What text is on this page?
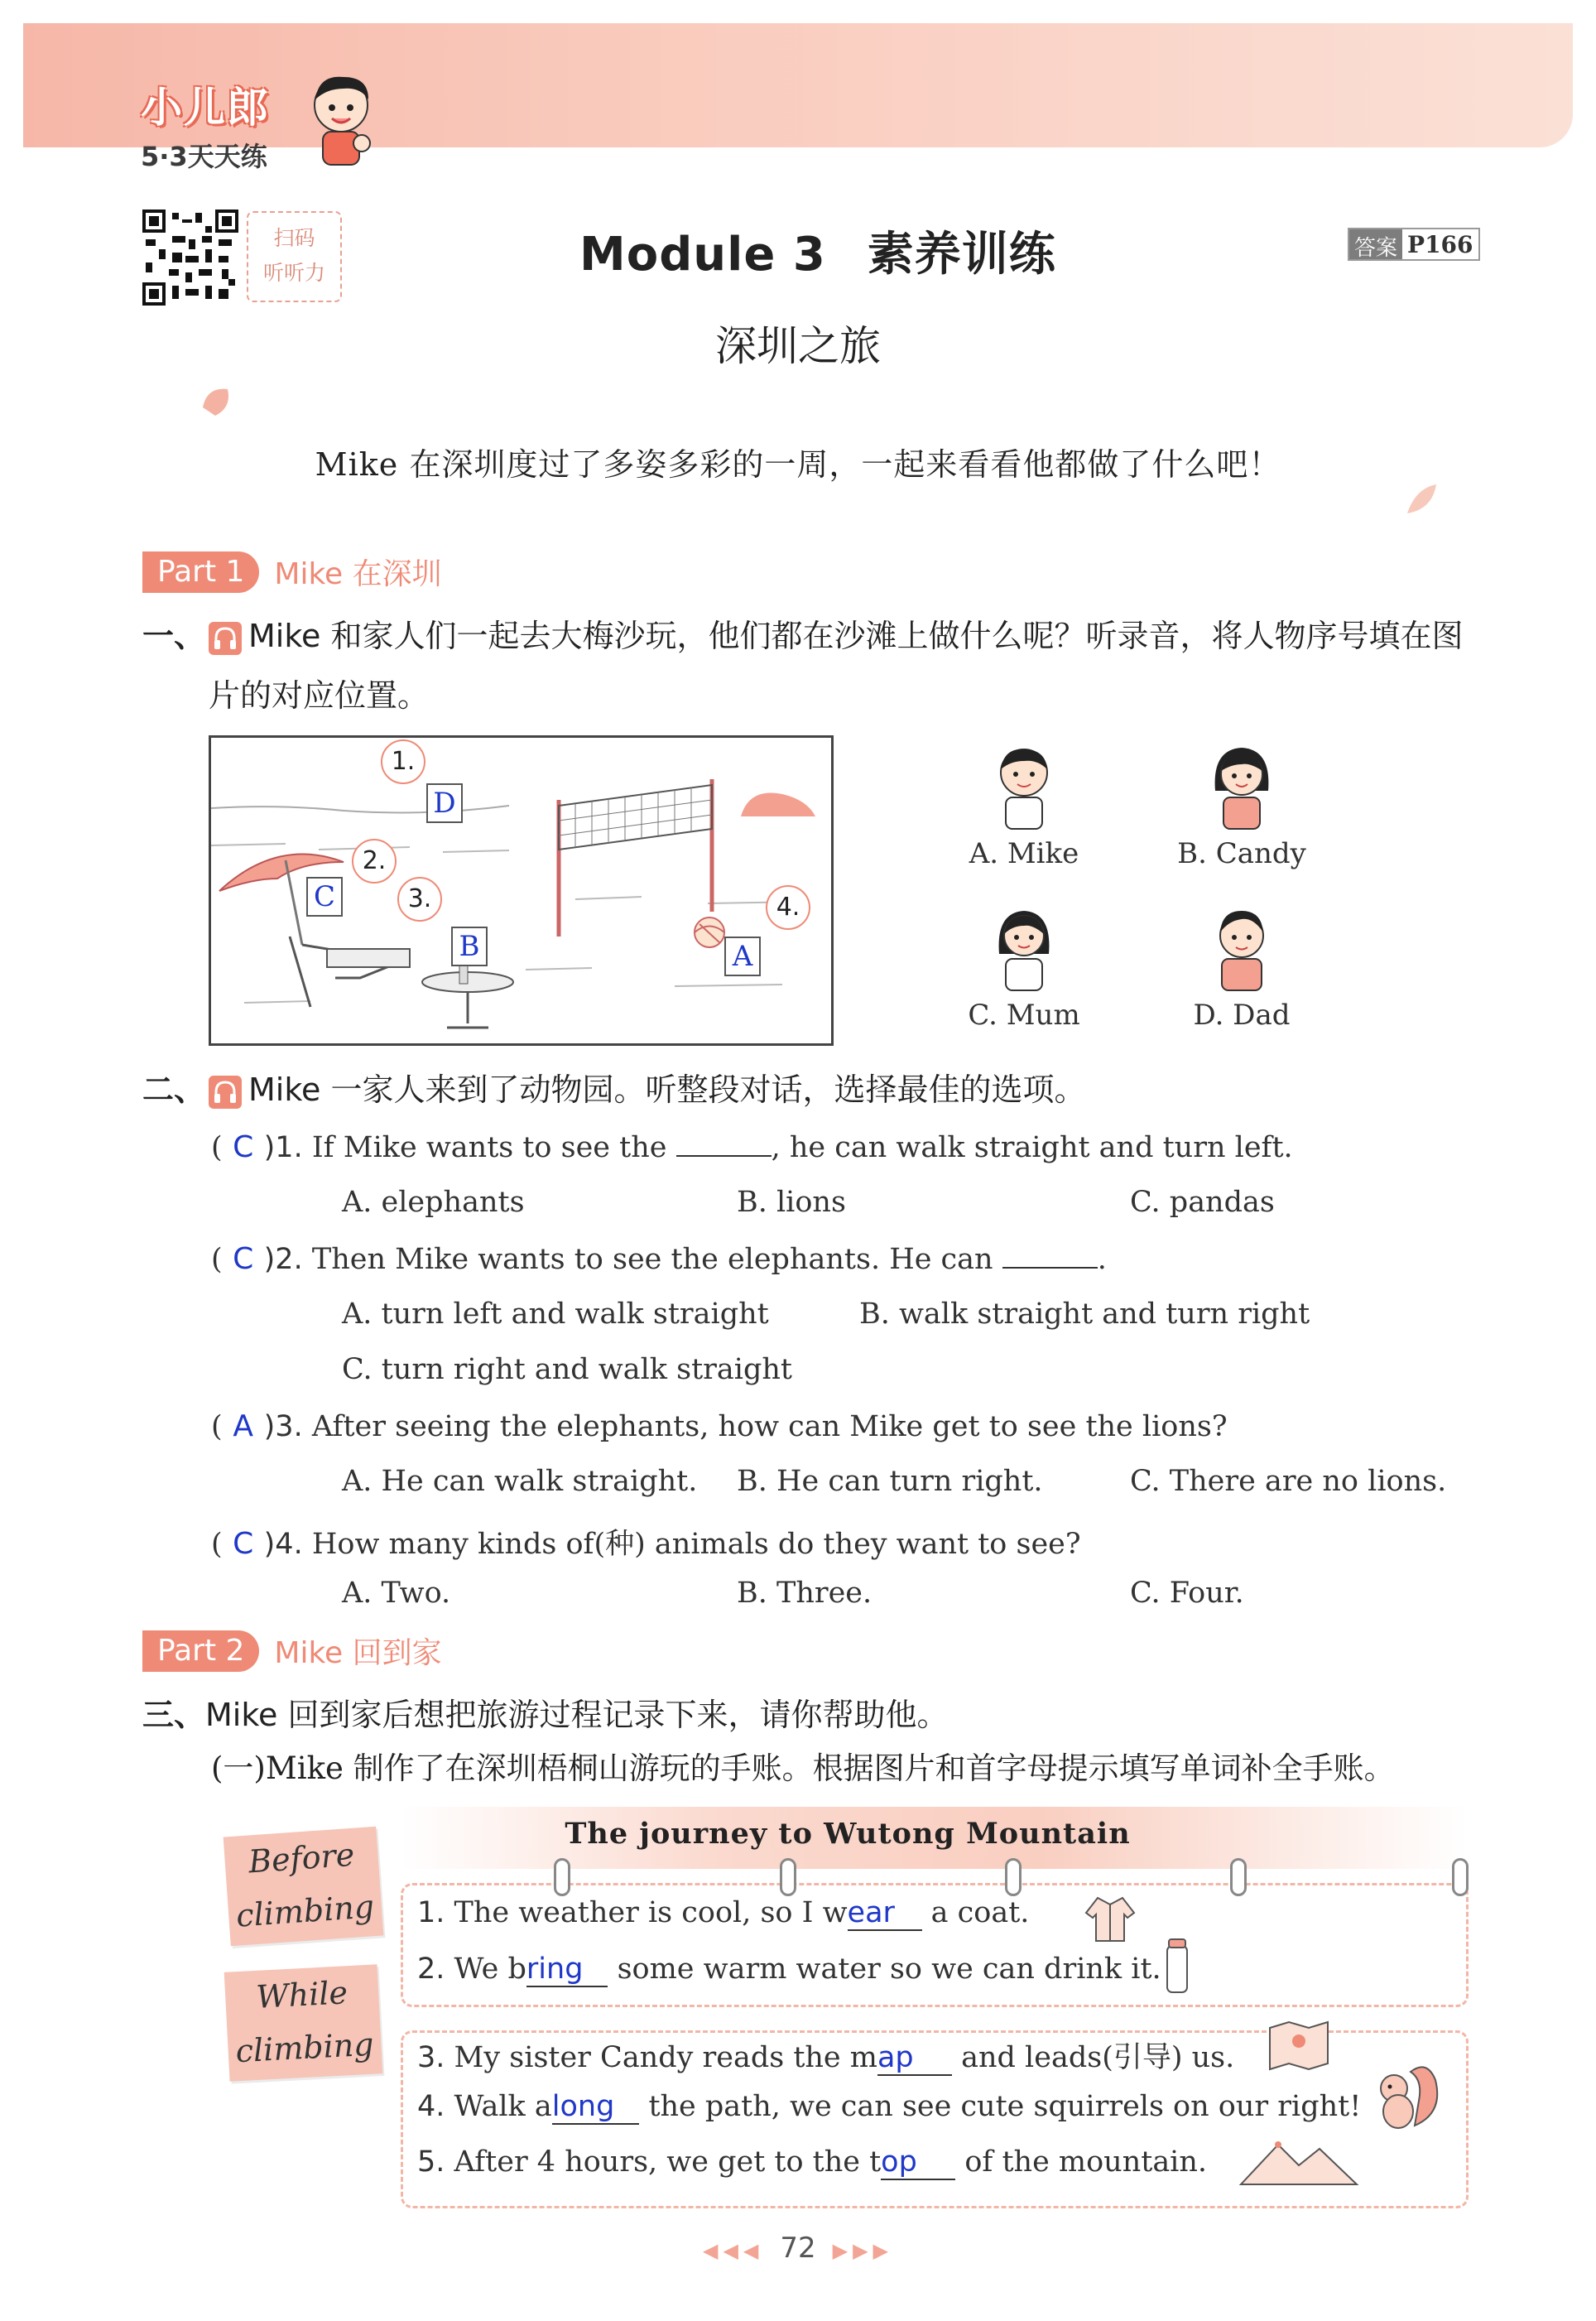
小儿郎
5·3天天练
扫码
听听力	Module 3 素养训练	答案 P166
深圳之旅
Mike 在深圳度过了多姿多彩的一周，一起来看看他都做了什么吧！
Part 1	Mike 在深圳
一、 Mike 和家人们一起去大梅沙玩，他们都在沙滩上做什么呢？听录音，将人物序号填在图
片的对应位置。
1.
D
2.
C	3.
B
4.
A
A. Mike	B. Candy
C. Mum	D. Dad
二、 Mike 一家人来到了动物园。听整段对话，选择最佳的选项。
( C )1. If Mike wants to see the	, he can walk straight and turn left.
A. elephants	B. lions	C. pandas
( C )2. Then Mike wants to see the elephants. He can	.
A. turn left and walk straight	B. walk straight and turn right
C. turn right and walk straight
( A )3. After seeing the elephants, how can Mike get to see the lions?
A. He can walk straight. B. He can turn right.	C. There are no lions.
( C )4. How many kinds of(种) animals do they want to see?
A. Two.	B. Three.	C. Four.
Part 2	Mike 回到家
三、Mike 回到家后想把旅游过程记录下来，请你帮助他。
(一)Mike 制作了在深圳梧桐山游玩的手账。根据图片和首字母提示填写单词补全手账。
The journey to Wutong Mountain
Before
climbing
While
climbing
1. The weather is cool, so I wear a coat.
2. We bring some warm water so we can drink it.
3. My sister Candy reads the map and leads(引导) us.
4. Walk along the path, we can see cute squirrels on our right!
5. After 4 hours, we get to the top of the mountain.
◀◀◀ 72 ▶▶▶
